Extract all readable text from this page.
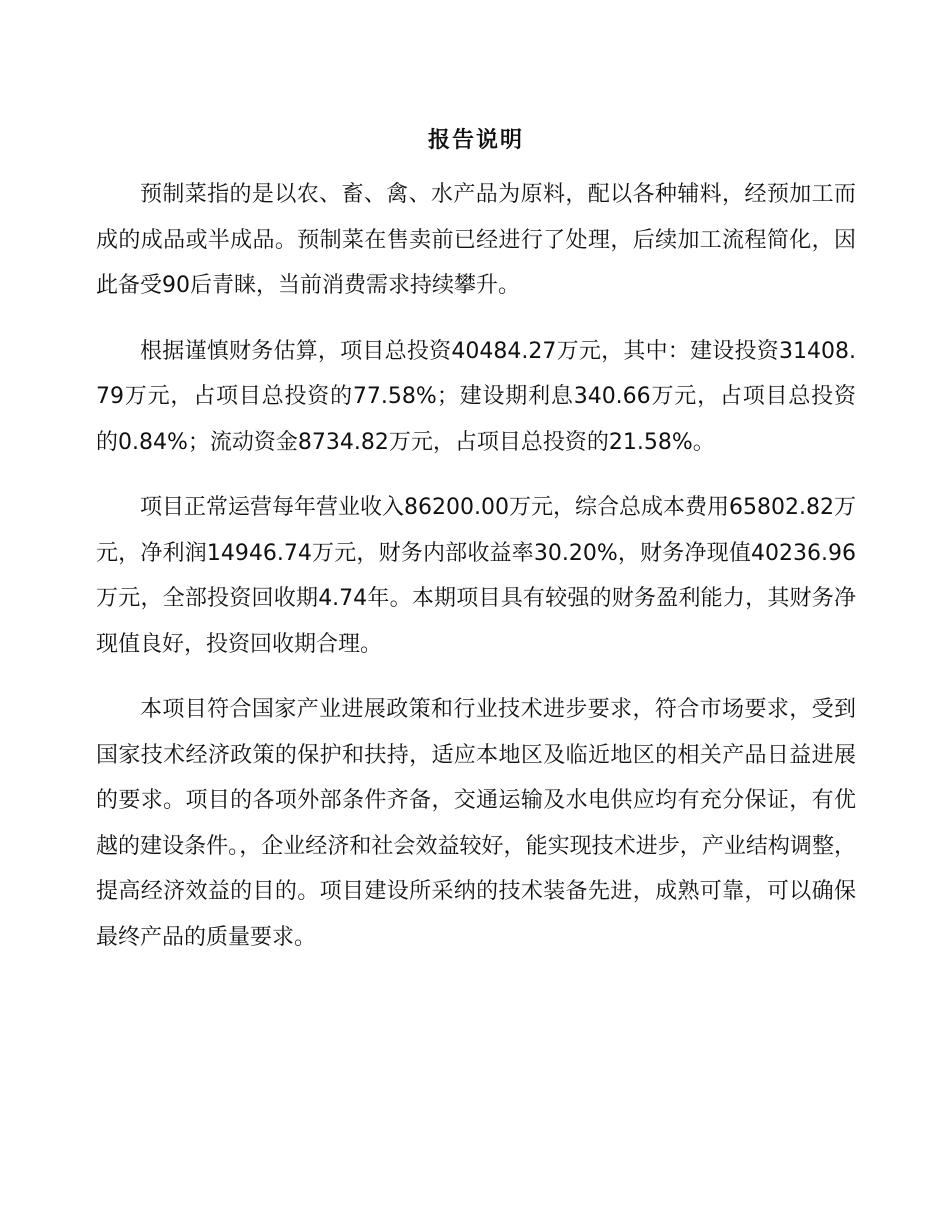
报告说明

预制菜指的是以农、畜、禽、水产品为原料，配以各种辅料，经预加工而成的成品或半成品。预制菜在售卖前已经进行了处理，后续加工流程简化，因此备受90后青睐，当前消费需求持续攀升。

根据谨慎财务估算，项目总投资40484.27万元，其中：建设投资31408.79万元，占项目总投资的77.58%；建设期利息340.66万元，占项目总投资的0.84%；流动资金8734.82万元，占项目总投资的21.58%。

项目正常运营每年营业收入86200.00万元，综合总成本费用65802.82万元，净利润14946.74万元，财务内部收益率30.20%，财务净现值40236.96万元，全部投资回收期4.74年。本期项目具有较强的财务盈利能力，其财务净现值良好，投资回收期合理。

本项目符合国家产业进展政策和行业技术进步要求，符合市场要求，受到国家技术经济政策的保护和扶持，适应本地区及临近地区的相关产品日益进展的要求。项目的各项外部条件齐备，交通运输及水电供应均有充分保证，有优越的建设条件。，企业经济和社会效益较好，能实现技术进步，产业结构调整，提高经济效益的目的。项目建设所采纳的技术装备先进，成熟可靠，可以确保最终产品的质量要求。
